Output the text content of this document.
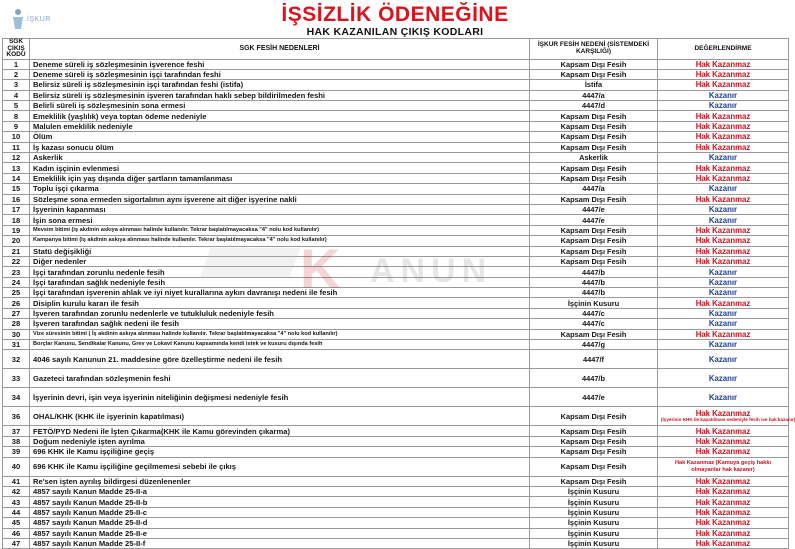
İŞKUR	İŞSİZLİK ÖDENEĞİNE
HAK KAZANILAN ÇIKIŞ KODLARI
SGK ÇIKIŞ KODU	SGK FESİH NEDENLERİ	İŞKUR FESİH NEDENİ (SİSTEMDEKİ KARŞILIĞI)	DEĞERLENDİRME
1	Deneme süreli iş sözleşmesinin işverence feshi	Kapsam Dışı Fesih	Hak Kazanmaz
2	Deneme süreli iş sözleşmesinin işçi tarafından feshi	Kapsam Dışı Fesih	Hak Kazanmaz
3	Belirsiz süreli iş sözleşmesinin işçi tarafından feshi (istifa)	İstifa	Hak Kazanmaz
4	Belirsiz süreli iş sözleşmesinin işveren tarafından haklı sebep bildirilmeden feshi	4447/a	Kazanır
5	Belirli süreli iş sözleşmesinin sona ermesi	4447/d	Kazanır
8	Emeklilik (yaşlılık) veya toptan ödeme nedeniyle	Kapsam Dışı Fesih	Hak Kazanmaz
9	Malulen emeklilik nedeniyle	Kapsam Dışı Fesih	Hak Kazanmaz
10	Ölüm	Kapsam Dışı Fesih	Hak Kazanmaz
11	İş kazası sonucu ölüm	Kapsam Dışı Fesih	Hak Kazanmaz
12	Askerlik	Askerlik	Kazanır
13	Kadın işçinin evlenmesi	Kapsam Dışı Fesih	Hak Kazanmaz
14	Emeklilik için yaş dışında diğer şartların tamamlanması	Kapsam Dışı Fesih	Hak Kazanmaz
15	Toplu işçi çıkarma	4447/a	Kazanır
16	Sözleşme sona ermeden sigortalının aynı işverene ait diğer işyerine nakli	Kapsam Dışı Fesih	Hak Kazanmaz
17	İşyerinin kapanması	4447/e	Kazanır
18	İşin sona ermesi	4447/e	Kazanır
19	Mevsim bitimi (iş akdinin askıya alınması halinde kullanılır. Tekrar başlatılmayacaksa "4" nolu kod kullanılır)	Kapsam Dışı Fesih	Hak Kazanmaz
20	Kampanya bitimi (iş akdinin askıya alınması halinde kullanılır. Tekrar başlatılmayacaksa "4" nolu kod kullanılır)	Kapsam Dışı Fesih	Hak Kazanmaz
21	Statü değişikliği	Kapsam Dışı Fesih	Hak Kazanmaz
22	Diğer nedenler	Kapsam Dışı Fesih	Hak Kazanmaz
23	İşçi tarafından zorunlu nedenle fesih	4447/b	Kazanır
24	İşçi tarafından sağlık nedeniyle fesih	4447/b	Kazanır
25	İşçi tarafından işverenin ahlak ve iyi niyet kurallarına aykırı davranışı nedeni ile fesih	4447/b	Kazanır
26	Disiplin kurulu kararı ile fesih	İşçinin Kusuru	Hak Kazanmaz
27	İşveren tarafından zorunlu nedenlerle ve tutukluluk nedeniyle fesih	4447/c	Kazanır
28	İşveren tarafından sağlık nedeni ile fesih	4447/c	Kazanır
30	Vize süresinin bitimi ( İş akdinin askıya alınması halinde kullanılır. Tekrar başlatılmayacaksa "4" nolu kod kullanılır)	Kapsam Dışı Fesih	Hak Kazanmaz
31	Borçlar Kanunu, Sendikalar Kanunu, Grev ve Lokavt Kanunu kapsamında kendi istek ve kusuru dışında fesih	4447/g	Kazanır
32	4046 sayılı Kanunun 21. maddesine göre özelleştirme nedeni ile fesih	4447/f	Kazanır
33	Gazeteci tarafından sözleşmenin feshi	4447/b	Kazanır
34	İşyerinin devri, işin veya işyerinin niteliğinin değişmesi nedeniyle fesih	4447/e	Kazanır
36	OHAL/KHK (KHK ile işyerinin kapatılması)	Kapsam Dışı Fesih	Hak Kazanmaz
(İşyerinin KHK ile kapatılması nedeniyle fesih ise hak kazanır)

37	FETÖ/PYD Nedeni ile İşten Çıkarma(KHK ile Kamu görevinden çıkarma)	Kapsam Dışı Fesih	Hak Kazanmaz
38	Doğum nedeniyle işten ayrılma	Kapsam Dışı Fesih	Hak Kazanmaz
39	696 KHK ile Kamu işçiliğine geçiş	Kapsam Dışı Fesih	Hak Kazanmaz
40	696 KHK ile Kamu işçiliğine geçilmemesi sebebi ile çıkış	Kapsam Dışı Fesih	Hak Kazanmaz (Kamuya geçiş hakkı olmayanlar hak kazanır)
41	Re'sen işten ayrılış bildirgesi düzenlenenler	Kapsam Dışı Fesih	Hak Kazanmaz
42	4857 sayılı Kanun Madde 25-II-a	İşçinin Kusuru	Hak Kazanmaz
43	4857 sayılı Kanun Madde 25-II-b	İşçinin Kusuru	Hak Kazanmaz
44	4857 sayılı Kanun Madde 25-II-c	İşçinin Kusuru	Hak Kazanmaz
45	4857 sayılı Kanun Madde 25-II-d	İşçinin Kusuru	Hak Kazanmaz
46	4857 sayılı Kanun Madde 25-II-e	İşçinin Kusuru	Hak Kazanmaz
47	4857 sayılı Kanun Madde 25-II-f	İşçinin Kusuru	Hak Kazanmaz
K ANUN
